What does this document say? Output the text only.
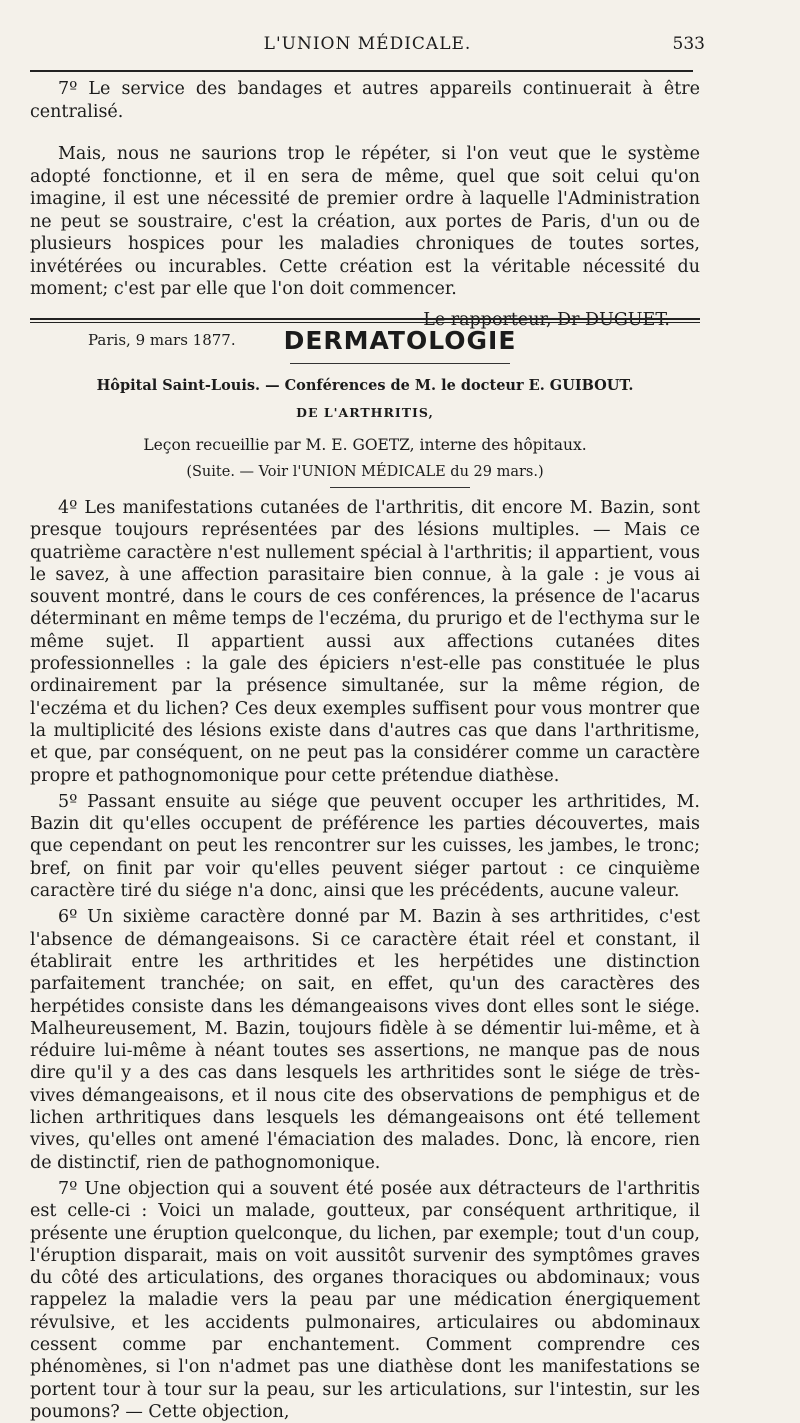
L'UNION MÉDICALE.	533

7º Le service des bandages et autres appareils continuerait à être centralisé.

Mais, nous ne saurions trop le répéter, si l'on veut que le système adopté fonctionne, et il en sera de même, quel que soit celui qu'on imagine, il est une nécessité de premier ordre à laquelle l'Administration ne peut se soustraire, c'est la création, aux portes de Paris, d'un ou de plusieurs hospices pour les maladies chroniques de toutes sortes, invétérées ou incurables. Cette création est la véritable nécessité du moment; c'est par elle que l'on doit commencer.

Le rapporteur, Dr DUGUET.

Paris, 9 mars 1877.	DERMATOLOGIE

Hôpital Saint-Louis. — Conférences de M. le docteur E. GUIBOUT.

DE L'ARTHRITIS,

Leçon recueillie par M. E. GOETZ, interne des hôpitaux.

(Suite. — Voir l'UNION MÉDICALE du 29 mars.)

4º Les manifestations cutanées de l'arthritis, dit encore M. Bazin, sont presque toujours représentées par des lésions multiples. — Mais ce quatrième caractère n'est nullement spécial à l'arthritis; il appartient, vous le savez, à une affection parasitaire bien connue, à la gale : je vous ai souvent montré, dans le cours de ces conférences, la présence de l'acarus déterminant en même temps de l'eczéma, du prurigo et de l'ecthyma sur le même sujet. Il appartient aussi aux affections cutanées dites professionnelles : la gale des épiciers n'est-elle pas constituée le plus ordinairement par la présence simultanée, sur la même région, de l'eczéma et du lichen? Ces deux exemples suffisent pour vous montrer que la multiplicité des lésions existe dans d'autres cas que dans l'arthritisme, et que, par conséquent, on ne peut pas la considérer comme un caractère propre et pathognomonique pour cette prétendue diathèse.

5º Passant ensuite au siége que peuvent occuper les arthritides, M. Bazin dit qu'elles occupent de préférence les parties découvertes, mais que cependant on peut les rencontrer sur les cuisses, les jambes, le tronc; bref, on finit par voir qu'elles peuvent siéger partout : ce cinquième caractère tiré du siége n'a donc, ainsi que les précédents, aucune valeur.

6º Un sixième caractère donné par M. Bazin à ses arthritides, c'est l'absence de démangeaisons. Si ce caractère était réel et constant, il établirait entre les arthritides et les herpétides une distinction parfaitement tranchée; on sait, en effet, qu'un des caractères des herpétides consiste dans les démangeaisons vives dont elles sont le siége. Malheureusement, M. Bazin, toujours fidèle à se démentir lui-même, et à réduire lui-même à néant toutes ses assertions, ne manque pas de nous dire qu'il y a des cas dans lesquels les arthritides sont le siége de très-vives démangeaisons, et il nous cite des observations de pemphigus et de lichen arthritiques dans lesquels les démangeaisons ont été tellement vives, qu'elles ont amené l'émaciation des malades. Donc, là encore, rien de distinctif, rien de pathognomonique.

7º Une objection qui a souvent été posée aux détracteurs de l'arthritis est celle-ci : Voici un malade, goutteux, par conséquent arthritique, il présente une éruption quelconque, du lichen, par exemple; tout d'un coup, l'éruption disparait, mais on voit aussitôt survenir des symptômes graves du côté des articulations, des organes thoraciques ou abdominaux; vous rappelez la maladie vers la peau par une médication énergiquement révulsive, et les accidents pulmonaires, articulaires ou abdominaux cessent comme par enchantement. Comment comprendre ces phénomènes, si l'on n'admet pas une diathèse dont les manifestations se portent tour à tour sur la peau, sur les articulations, sur l'intestin, sur les poumons? — Cette objection,
